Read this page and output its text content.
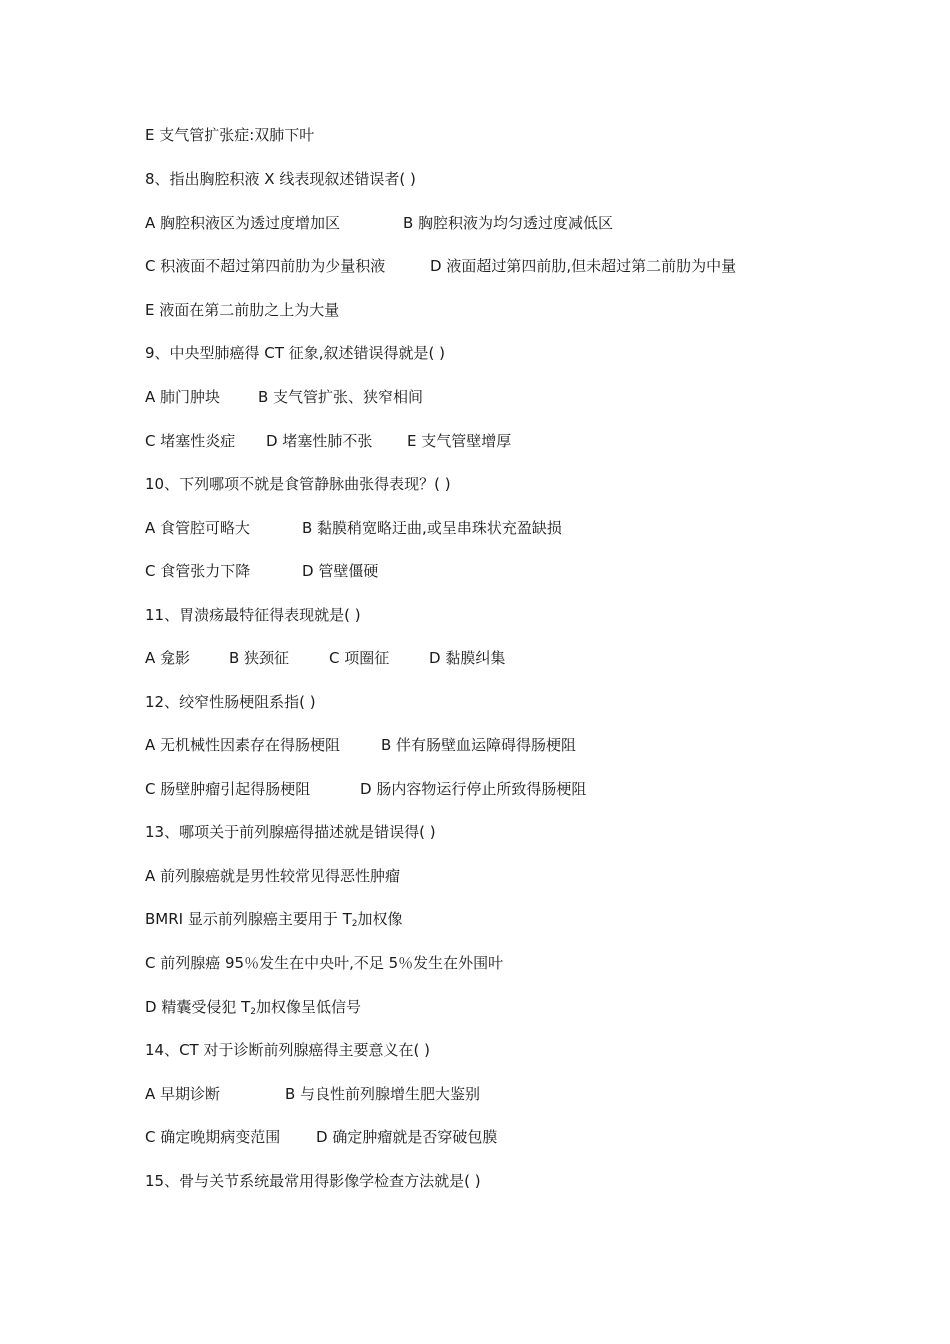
E 支气管扩张症:双肺下叶
8、指出胸腔积液 X 线表现叙述错误者( )
A 胸腔积液区为透过度增加区	B 胸腔积液为均匀透过度减低区
C 积液面不超过第四前肋为少量积液	D 液面超过第四前肋,但未超过第二前肋为中量
E 液面在第二前肋之上为大量
9、中央型肺癌得 CT 征象,叙述错误得就是( )
A 肺门肿块	B 支气管扩张、狭窄相间
C 堵塞性炎症 D 堵塞性肺不张 E 支气管壁增厚
10、下列哪项不就是食管静脉曲张得表现？( )
A 食管腔可略大	B 黏膜稍宽略迂曲,或呈串珠状充盈缺损
C 食管张力下降	D 管壁僵硬
11、胃溃疡最特征得表现就是( )
A 龛影	B 狭颈征	C 项圈征	D 黏膜纠集
12、绞窄性肠梗阻系指( )
A 无机械性因素存在得肠梗阻	B 伴有肠壁血运障碍得肠梗阻
C 肠壁肿瘤引起得肠梗阻	D 肠内容物运行停止所致得肠梗阻
13、哪项关于前列腺癌得描述就是错误得( )
A 前列腺癌就是男性较常见得恶性肿瘤
BMRI 显示前列腺癌主要用于 $T_2$加权像
C 前列腺癌 95％发生在中央叶,不足 5％发生在外围叶
D 精囊受侵犯 $T_2$加权像呈低信号
14、CT 对于诊断前列腺癌得主要意义在( )
A 早期诊断	B 与良性前列腺增生肥大鉴别
C 确定晚期病变范围 D 确定肿瘤就是否穿破包膜
15、骨与关节系统最常用得影像学检查方法就是( )
